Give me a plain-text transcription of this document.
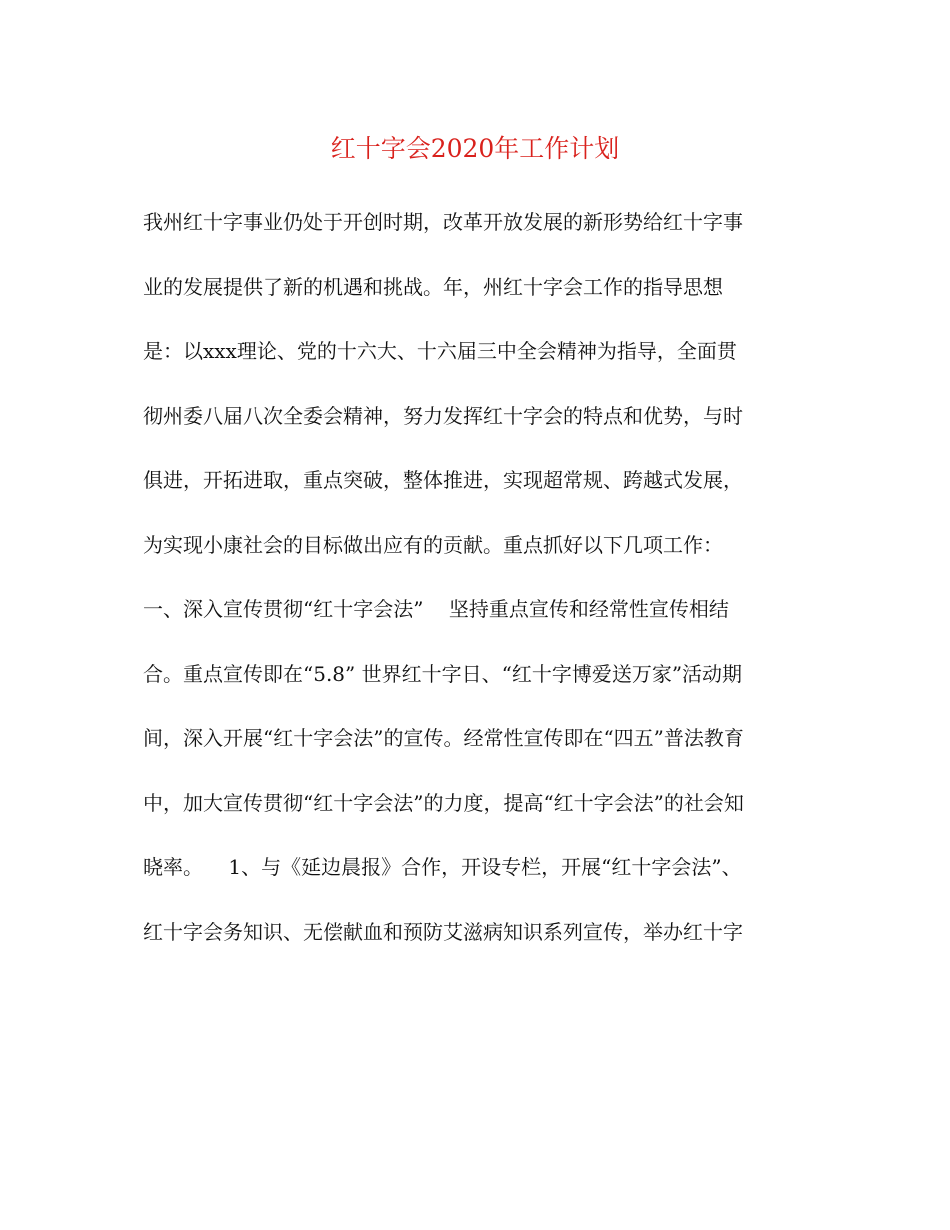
红十字会2020年工作计划
我州红十字事业仍处于开创时期，改革开放发展的新形势给红十字事
业的发展提供了新的机遇和挑战。年，州红十字会工作的指导思想
是：以xxx理论、党的十六大、十六届三中全会精神为指导，全面贯
彻州委八届八次全委会精神，努力发挥红十字会的特点和优势，与时
俱进，开拓进取，重点突破，整体推进，实现超常规、跨越式发展，
为实现小康社会的目标做出应有的贡献。重点抓好以下几项工作：
一、深入宣传贯彻“红十字会法”    坚持重点宣传和经常性宣传相结
合。重点宣传即在“5.8” 世界红十字日、“红十字博爱送万家”活动期
间，深入开展“红十字会法”的宣传。经常性宣传即在“四五”普法教育
中，加大宣传贯彻“红十字会法”的力度，提高“红十字会法”的社会知
晓率。    1、与《延边晨报》合作，开设专栏，开展“红十字会法”、
红十字会务知识、无偿献血和预防艾滋病知识系列宣传，举办红十字
